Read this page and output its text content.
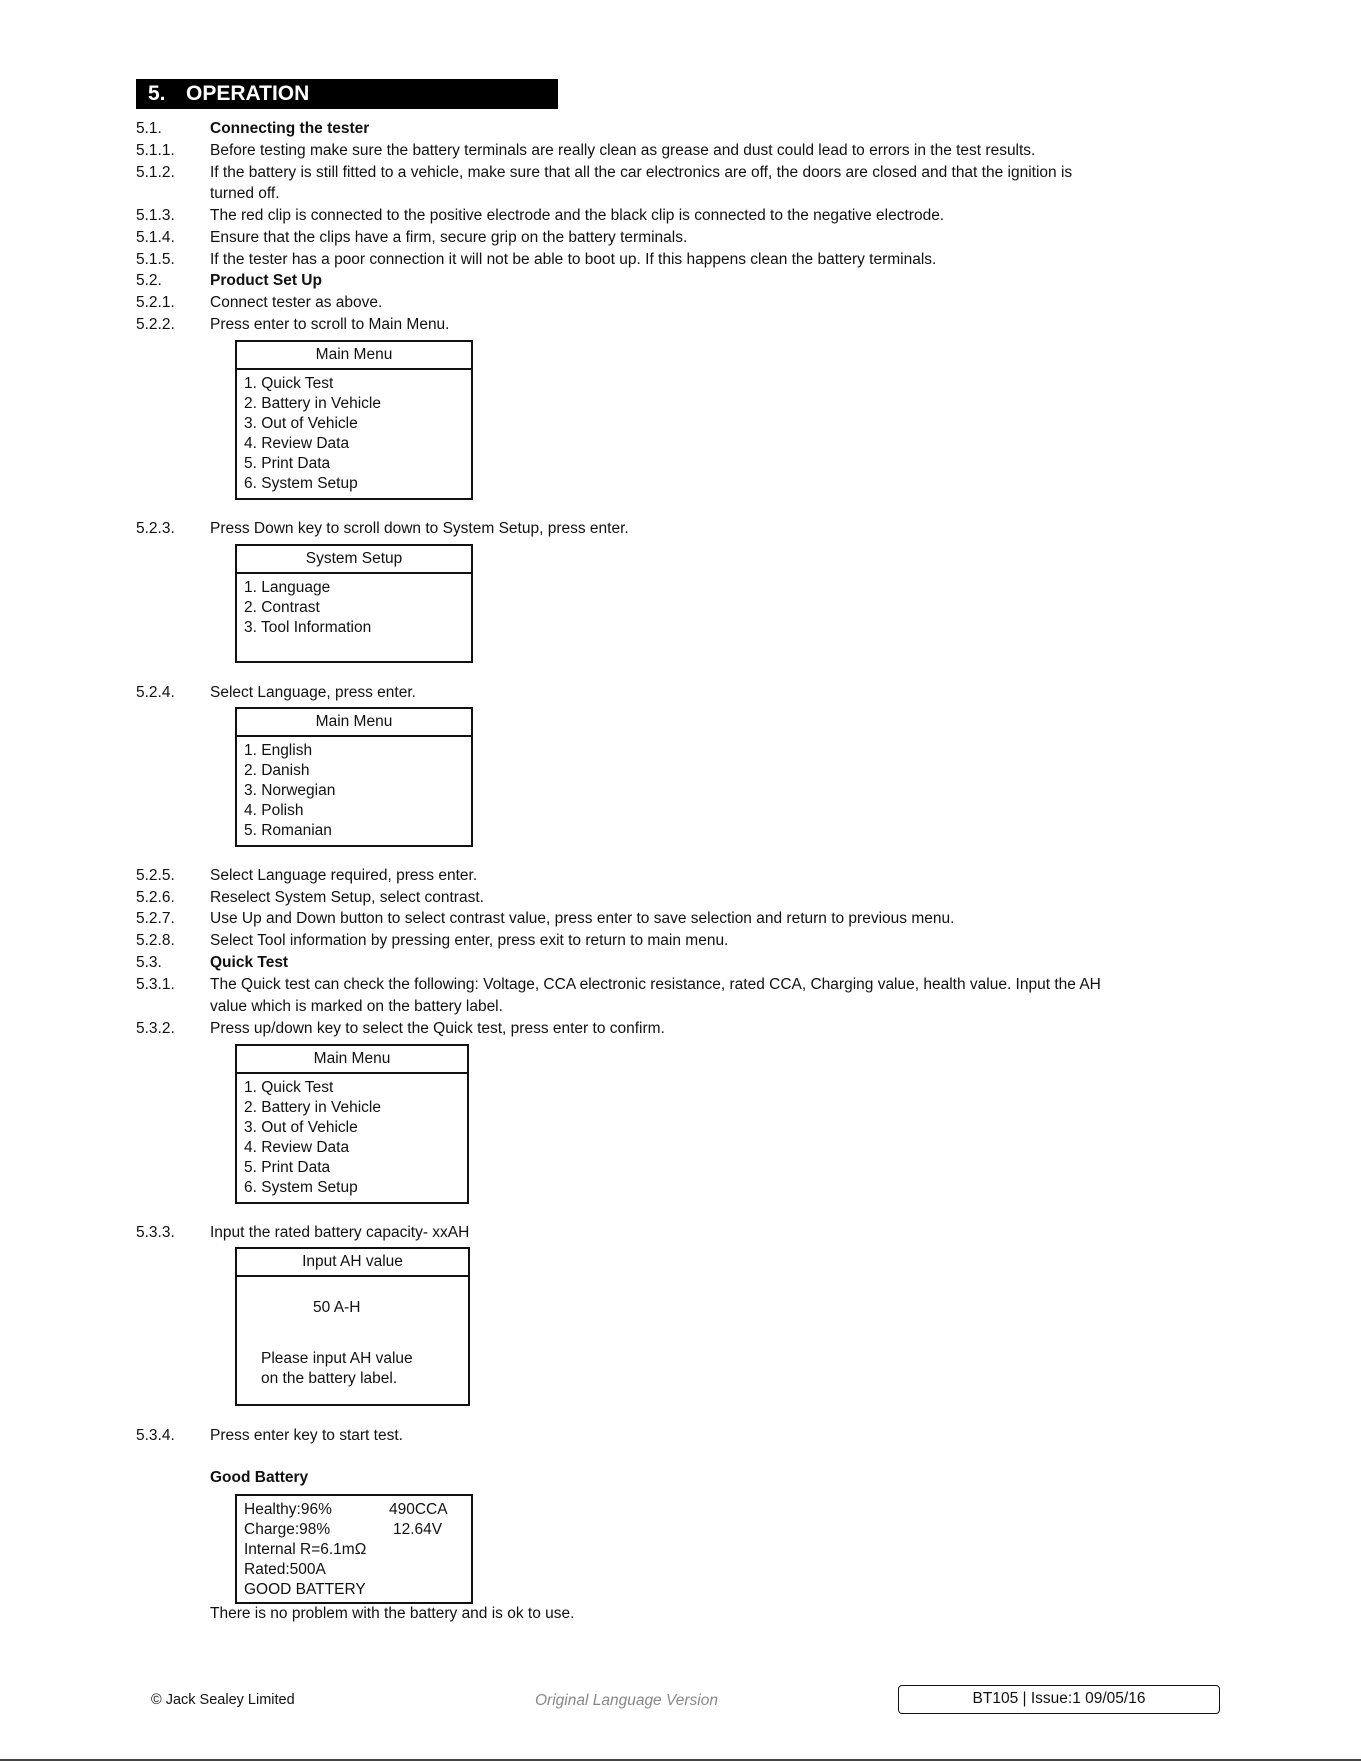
5. OPERATION
5.1.	Connecting the tester
5.1.1. Before testing make sure the battery terminals are really clean as grease and dust could lead to errors in the test results.
5.1.2. If the battery is still fitted to a vehicle, make sure that all the car electronics are off, the doors are closed and that the ignition is
turned off.
5.1.3. The red clip is connected to the positive electrode and the black clip is connected to the negative electrode.
5.1.4. Ensure that the clips have a firm, secure grip on the battery terminals.
5.1.5. If the tester has a poor connection it will not be able to boot up. If this happens clean the battery terminals.
5.2.	Product Set Up
5.2.1. Connect tester as above.
5.2.2. Press enter to scroll to Main Menu.
Main Menu
1. Quick Test
2. Battery in Vehicle
3. Out of Vehicle
4. Review Data
5. Print Data
6. System Setup
5.2.3. Press Down key to scroll down to System Setup, press enter.
System Setup
1. Language
2. Contrast
3. Tool Information
5.2.4. Select Language, press enter.
Main Menu
1. English
2. Danish
3. Norwegian
4. Polish
5. Romanian
5.2.5. Select Language required, press enter.
5.2.6. Reselect System Setup, select contrast.
5.2.7. Use Up and Down button to select contrast value, press enter to save selection and return to previous menu.
5.2.8. Select Tool information by pressing enter, press exit to return to main menu.
5.3.	Quick Test
5.3.1. The Quick test can check the following: Voltage, CCA electronic resistance, rated CCA, Charging value, health value. Input the AH
value which is marked on the battery label.
5.3.2. Press up/down key to select the Quick test, press enter to confirm.
Main Menu
1. Quick Test
2. Battery in Vehicle
3. Out of Vehicle
4. Review Data
5. Print Data
6. System Setup
5.3.3. Input the rated battery capacity- xxAH
Input AH value
50 A-H
Please input AH value
on the battery label.
5.3.4. Press enter key to start test.
Good Battery
Healthy:96%	490CCA
Charge:98%	12.64V
Internal R=6.1mΩ
Rated:500A
GOOD BATTERY
There is no problem with the battery and is ok to use.
© Jack Sealey Limited	Original Language Version	BT105 | Issue:1 09/05/16
